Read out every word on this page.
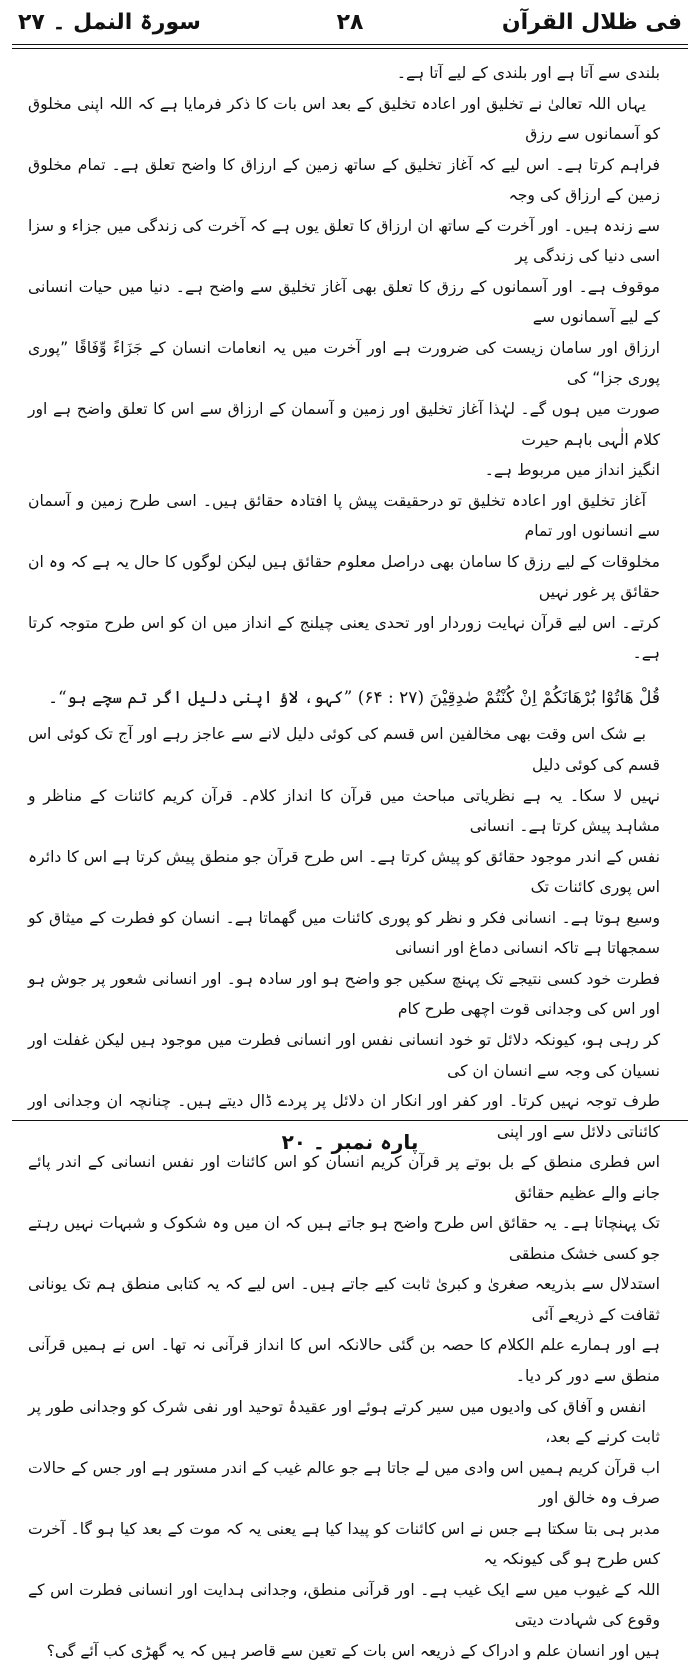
فی ظلال القرآن
۲۸
سورۃ النمل ۔ ۲۷

بلندی سے آتا ہے اور بلندی کے لیے آتا ہے۔

یہاں اللہ تعالیٰ نے تخلیق اور اعادہ تخلیق کے بعد اس بات کا ذکر فرمایا ہے کہ اللہ اپنی مخلوق کو آسمانوں سے رزق

فراہم کرتا ہے۔ اس لیے کہ آغاز تخلیق کے ساتھ زمین کے ارزاق کا واضح تعلق ہے۔ تمام مخلوق زمین کے ارزاق کی وجہ

سے زندہ ہیں۔ اور آخرت کے ساتھ ان ارزاق کا تعلق یوں ہے کہ آخرت کی زندگی میں جزاء و سزا اسی دنیا کی زندگی پر

موقوف ہے۔ اور آسمانوں کے رزق کا تعلق بھی آغاز تخلیق سے واضح ہے۔ دنیا میں حیات انسانی کے لیے آسمانوں سے

ارزاق اور سامان زیست کی ضرورت ہے اور آخرت میں یہ انعامات انسان کے جَزَاءً وِّفَاقًا ”پوری پوری جزا“ کی

صورت میں ہوں گے۔ لہٰذا آغاز تخلیق اور زمین و آسمان کے ارزاق سے اس کا تعلق واضح ہے اور کلام الٰہی باہم حیرت

انگیز انداز میں مربوط ہے۔

آغاز تخلیق اور اعادہ تخلیق تو درحقیقت پیش پا افتادہ حقائق ہیں۔ اسی طرح زمین و آسمان سے انسانوں اور تمام

مخلوقات کے لیے رزق کا سامان بھی دراصل معلوم حقائق ہیں لیکن لوگوں کا حال یہ ہے کہ وہ ان حقائق پر غور نہیں

کرتے۔ اس لیے قرآن نہایت زوردار اور تحدی یعنی چیلنج کے انداز میں ان کو اس طرح متوجہ کرتا ہے۔

قُلْ ھَاتُوْا بُرْھَانَکُمْ اِنْ کُنْتُمْ صٰدِقِیْنَ (۲۷ : ۶۴) ”کہو، لاؤ اپنی دلیل اگر تم سچے ہو“۔

بے شک اس وقت بھی مخالفین اس قسم کی کوئی دلیل لانے سے عاجز رہے اور آج تک کوئی اس قسم کی کوئی دلیل

نہیں لا سکا۔ یہ ہے نظریاتی مباحث میں قرآن کا انداز کلام۔ قرآن کریم کائنات کے مناظر و مشاہد پیش کرتا ہے۔ انسانی

نفس کے اندر موجود حقائق کو پیش کرتا ہے۔ اس طرح قرآن جو منطق پیش کرتا ہے اس کا دائرہ اس پوری کائنات تک

وسیع ہوتا ہے۔ انسانی فکر و نظر کو پوری کائنات میں گھماتا ہے۔ انسان کو فطرت کے میثاق کو سمجھاتا ہے تاکہ انسانی دماغ اور انسانی

فطرت خود کسی نتیجے تک پہنچ سکیں جو واضح ہو اور سادہ ہو۔ اور انسانی شعور پر جوش ہو اور اس کی وجدانی قوت اچھی طرح کام

کر رہی ہو، کیونکہ دلائل تو خود انسانی نفس اور انسانی فطرت میں موجود ہیں لیکن غفلت اور نسیان کی وجہ سے انسان ان کی

طرف توجہ نہیں کرتا۔ اور کفر اور انکار ان دلائل پر پردے ڈال دیتے ہیں۔ چنانچہ ان وجدانی اور کائناتی دلائل سے اور اپنی

اس فطری منطق کے بل بوتے پر قرآن کریم انسان کو اس کائنات اور نفس انسانی کے اندر پائے جانے والے عظیم حقائق

تک پہنچاتا ہے۔ یہ حقائق اس طرح واضح ہو جاتے ہیں کہ ان میں وہ شکوک و شبہات نہیں رہتے جو کسی خشک منطقی

استدلال سے بذریعہ صغریٰ و کبریٰ ثابت کیے جاتے ہیں۔ اس لیے کہ یہ کتابی منطق ہم تک یونانی ثقافت کے ذریعے آئی

ہے اور ہمارے علم الکلام کا حصہ بن گئی حالانکہ اس کا انداز قرآنی نہ تھا۔ اس نے ہمیں قرآنی منطق سے دور کر دیا۔

انفس و آفاق کی وادیوں میں سیر کرتے ہوئے اور عقیدۂ توحید اور نفی شرک کو وجدانی طور پر ثابت کرنے کے بعد،

اب قرآن کریم ہمیں اس وادی میں لے جاتا ہے جو عالم غیب کے اندر مستور ہے اور جس کے حالات صرف وہ خالق اور

مدبر ہی بتا سکتا ہے جس نے اس کائنات کو پیدا کیا ہے یعنی یہ کہ موت کے بعد کیا ہو گا۔ آخرت کس طرح ہو گی کیونکہ یہ

اللہ کے غیوب میں سے ایک غیب ہے۔ اور قرآنی منطق، وجدانی ہدایت اور انسانی فطرت اس کے وقوع کی شہادت دیتی

ہیں اور انسان علم و ادراک کے ذریعہ اس بات کے تعین سے قاصر ہیں کہ یہ گھڑی کب آئے گی؟

پارہ نمبر ۔ ۲۰
